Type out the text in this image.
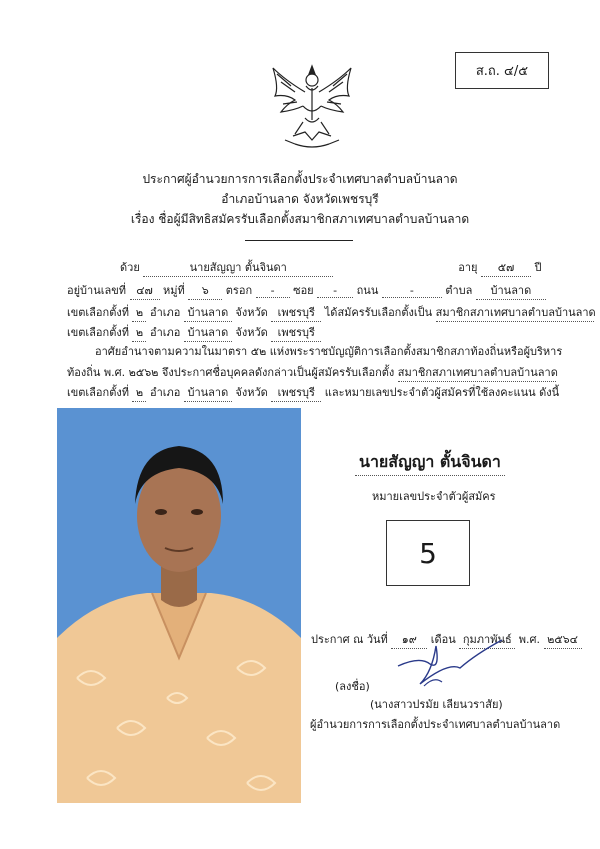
ส.ถ. ๔/๕
ประกาศผู้อำนวยการการเลือกตั้งประจำเทศบาลตำบลบ้านลาด
อำเภอบ้านลาด จังหวัดเพชรบุรี
เรื่อง ชื่อผู้มีสิทธิสมัครรับเลือกตั้งสมาชิกสภาเทศบาลตำบลบ้านลาด
ด้วย	นายสัญญา ตั้นจินดา	อายุ ๕๗ ปี
อยู่บ้านเลขที่ ๔๗ หมู่ที่ ๖ ตรอก - ซอย - ถนน	-	ตำบล บ้านลาด
เขตเลือกตั้งที่ ๒ อำเภอ บ้านลาด จังหวัด เพชรบุรี ได้สมัครรับเลือกตั้งเป็น สมาชิกสภาเทศบาลตำบลบ้านลาด
เขตเลือกตั้งที่ ๒ อำเภอ บ้านลาด จังหวัด เพชรบุรี
อาศัยอำนาจตามความในมาตรา ๕๒ แห่งพระราชบัญญัติการเลือกตั้งสมาชิกสภาท้องถิ่นหรือผู้บริหาร
ท้องถิ่น พ.ศ. ๒๕๖๒ จึงประกาศชื่อบุคคลดังกล่าวเป็นผู้สมัครรับเลือกตั้ง สมาชิกสภาเทศบาลตำบลบ้านลาด
เขตเลือกตั้งที่ ๒ อำเภอ บ้านลาด จังหวัด เพชรบุรี และหมายเลขประจำตัวผู้สมัครที่ใช้ลงคะแนน ดังนี้
นายสัญญา ตั้นจินดา
หมายเลขประจำตัวผู้สมัคร
5
ประกาศ ณ วันที่ ๑๙ เดือน กุมภาพันธ์ พ.ศ. ๒๕๖๔
(ลงชื่อ)
(นางสาวปรมัย เลียนวราสัย)
ผู้อำนวยการการเลือกตั้งประจำเทศบาลตำบลบ้านลาด
